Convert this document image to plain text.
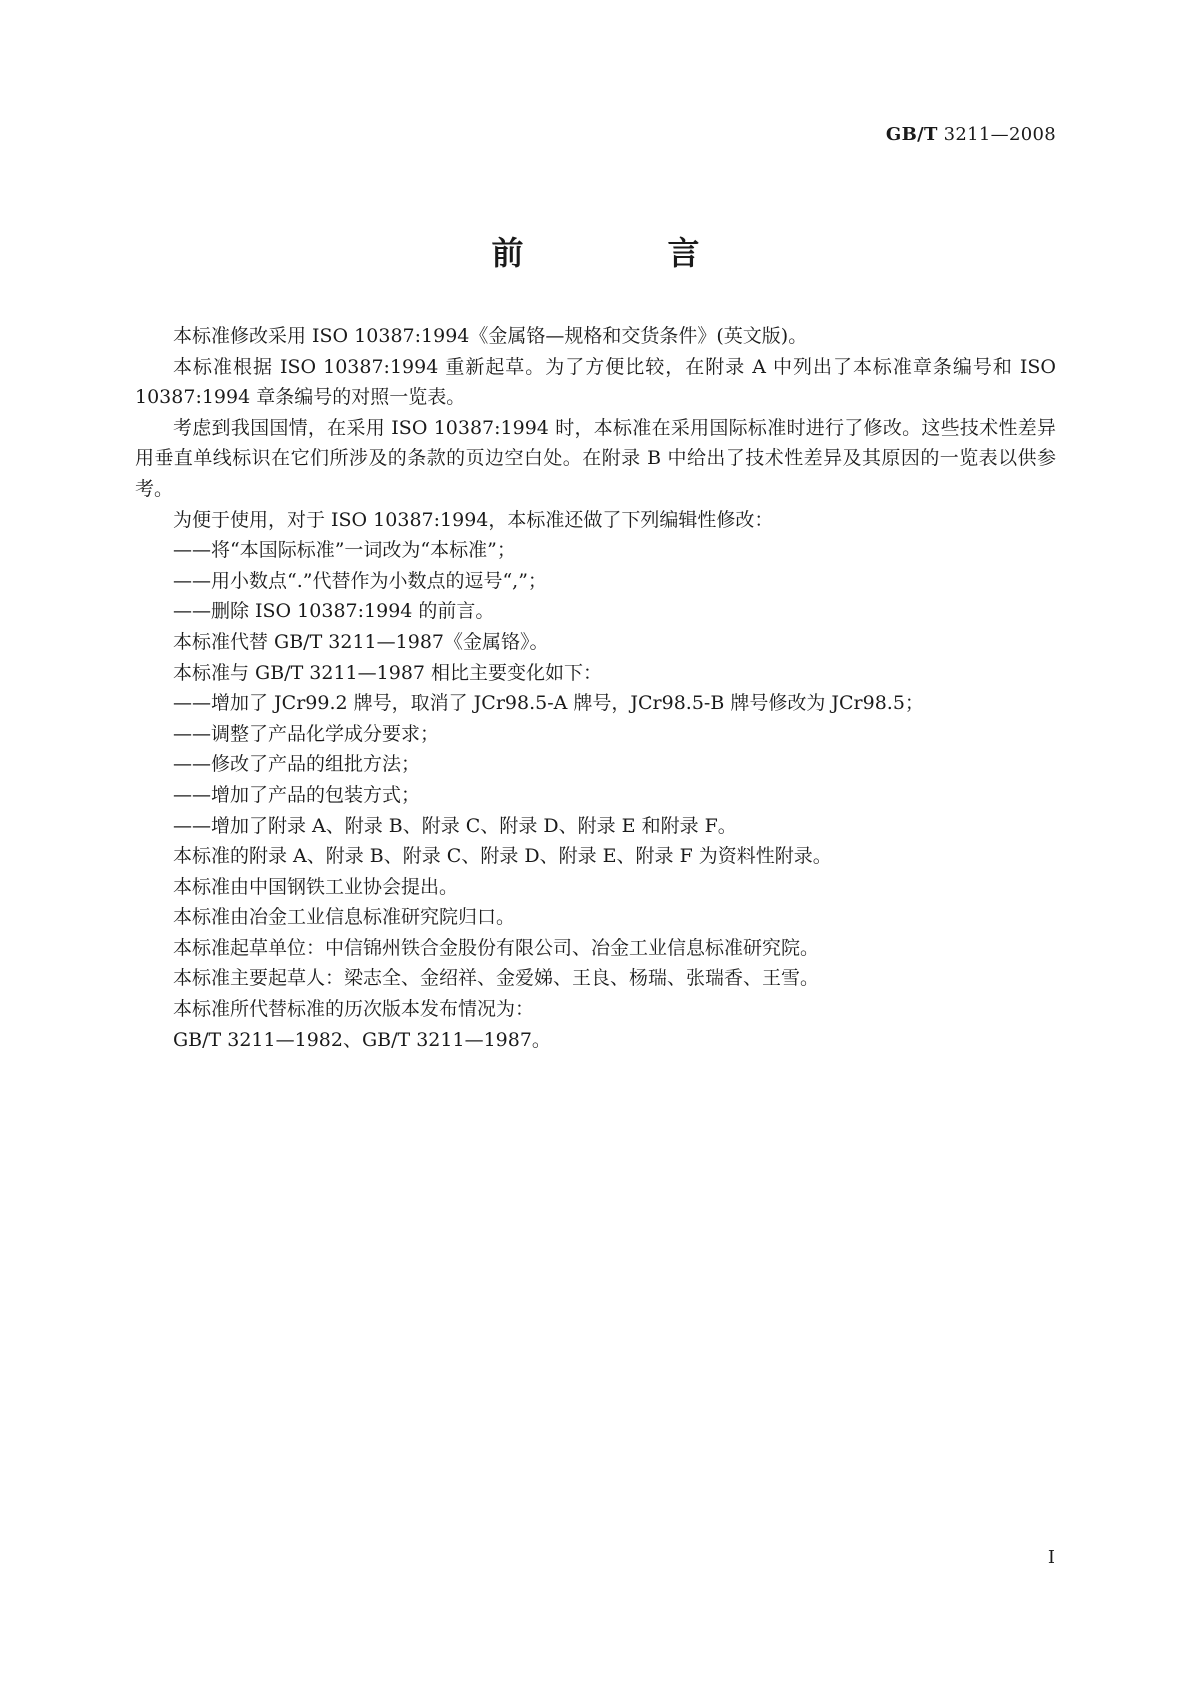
GB/T 3211—2008
前　言

本标准修改采用 ISO 10387:1994《金属铬—规格和交货条件》(英文版)。

本标准根据 ISO 10387:1994 重新起草。为了方便比较，在附录 A 中列出了本标准章条编号和 ISO 10387:1994 章条编号的对照一览表。

考虑到我国国情，在采用 ISO 10387:1994 时，本标准在采用国际标准时进行了修改。这些技术性差异用垂直单线标识在它们所涉及的条款的页边空白处。在附录 B 中给出了技术性差异及其原因的一览表以供参考。

为便于使用，对于 ISO 10387:1994，本标准还做了下列编辑性修改：

——将“本国际标准”一词改为“本标准”；

——用小数点“.”代替作为小数点的逗号“,”；

——删除 ISO 10387:1994 的前言。

本标准代替 GB/T 3211—1987《金属铬》。

本标准与 GB/T 3211—1987 相比主要变化如下：

——增加了 JCr99.2 牌号，取消了 JCr98.5-A 牌号，JCr98.5-B 牌号修改为 JCr98.5；

——调整了产品化学成分要求；

——修改了产品的组批方法；

——增加了产品的包装方式；

——增加了附录 A、附录 B、附录 C、附录 D、附录 E 和附录 F。

本标准的附录 A、附录 B、附录 C、附录 D、附录 E、附录 F 为资料性附录。

本标准由中国钢铁工业协会提出。

本标准由冶金工业信息标准研究院归口。

本标准起草单位：中信锦州铁合金股份有限公司、冶金工业信息标准研究院。

本标准主要起草人：梁志全、金绍祥、金爱娣、王良、杨瑞、张瑞香、王雪。

本标准所代替标准的历次版本发布情况为：

GB/T 3211—1982、GB/T 3211—1987。

I
